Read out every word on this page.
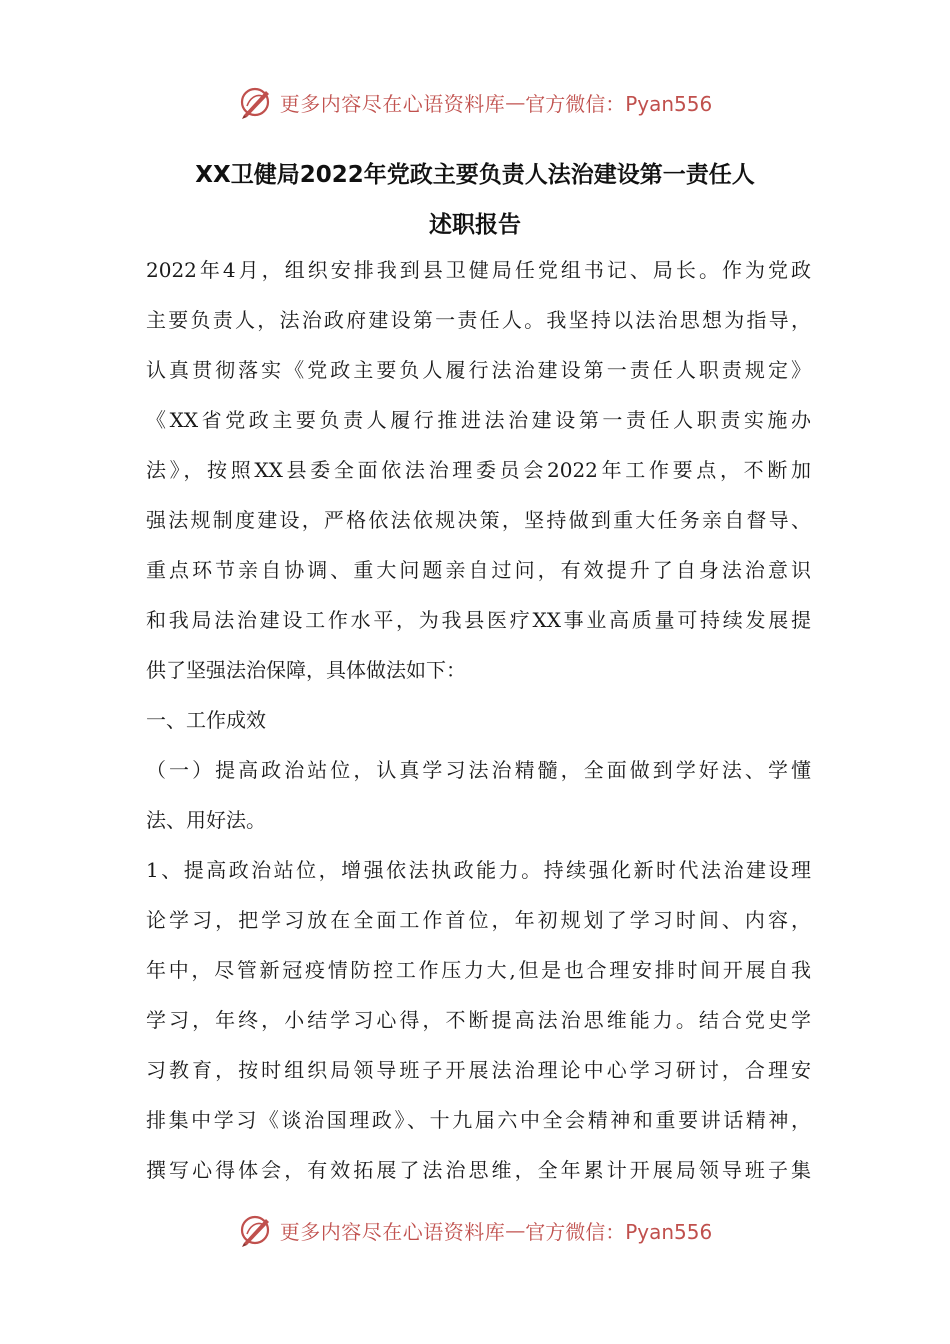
更多内容尽在心语资料库 — 官方微信：Pyan556
XX卫健局2022年党政主要负责人法治建设第一责任人
述职报告
2022年4月，组织安排我到县卫健局任党组书记、局长。作为党政
主要负责人，法治政府建设第一责任人。我坚持以法治思想为指导，
认真贯彻落实《党政主要负人履行法治建设第一责任人职责规定》
《XX省党政主要负责人履行推进法治建设第一责任人职责实施办
法》，按照XX县委全面依法治理委员会2022年工作要点，不断加
强法规制度建设，严格依法依规决策，坚持做到重大任务亲自督导、
重点环节亲自协调、重大问题亲自过问，有效提升了自身法治意识
和我局法治建设工作水平，为我县医疗XX事业高质量可持续发展提
供了坚强法治保障，具体做法如下：
一、工作成效
（一）提高政治站位，认真学习法治精髓，全面做到学好法、学懂
法、用好法。
1、提高政治站位，增强依法执政能力。持续强化新时代法治建设理
论学习，把学习放在全面工作首位，年初规划了学习时间、内容，
年中，尽管新冠疫情防控工作压力大,但是也合理安排时间开展自我
学习，年终，小结学习心得，不断提高法治思维能力。结合党史学
习教育，按时组织局领导班子开展法治理论中心学习研讨，合理安
排集中学习《谈治国理政》、十九届六中全会精神和重要讲话精神，
撰写心得体会，有效拓展了法治思维，全年累计开展局领导班子集
更多内容尽在心语资料库 — 官方微信：Pyan556
